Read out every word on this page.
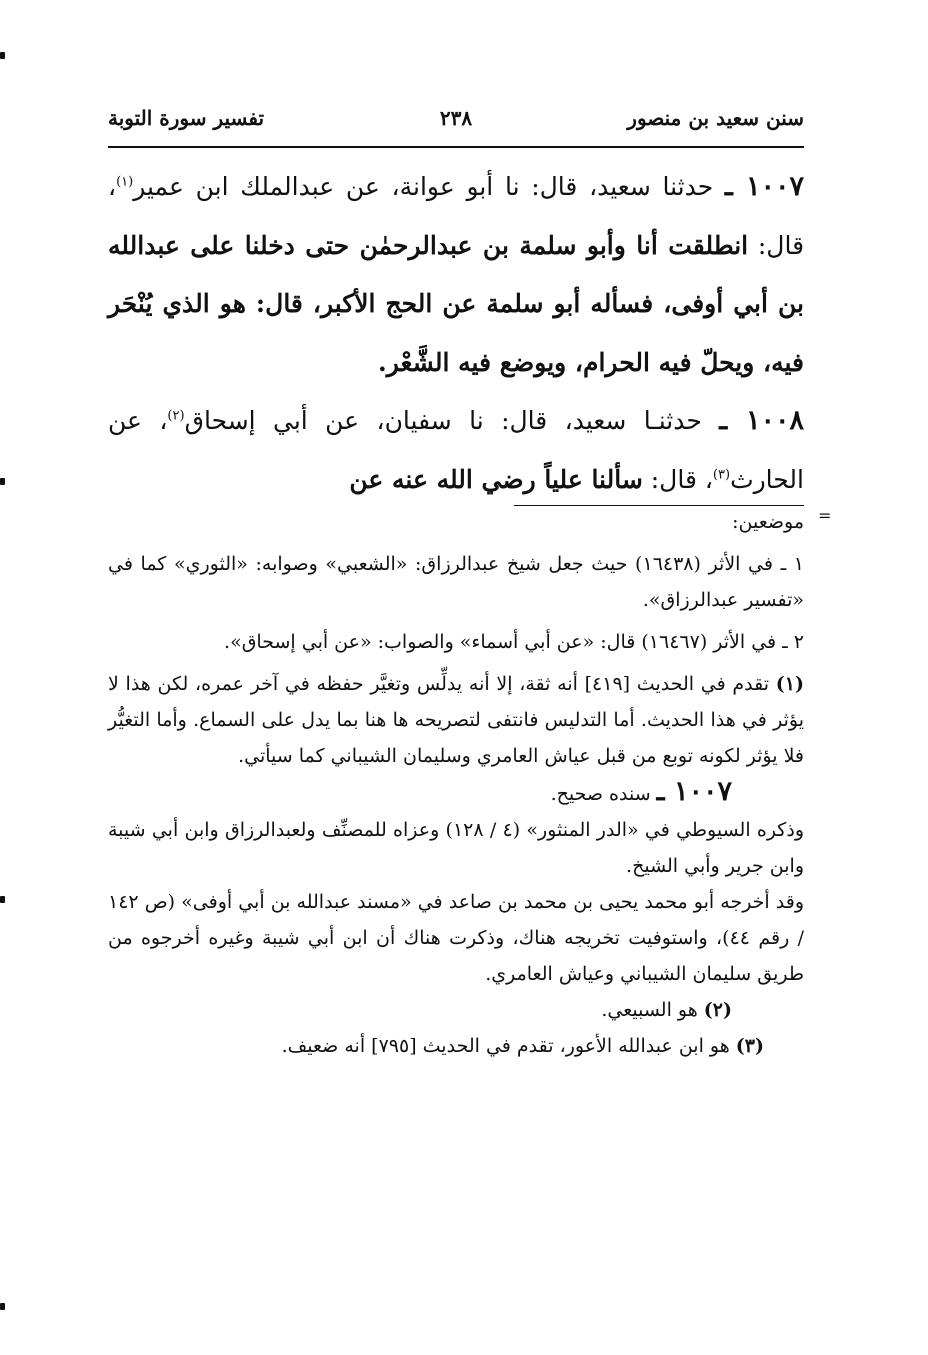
سنن سعيد بن منصور
٢٣٨
تفسير سورة التوبة

١٠٠٧ ـ حدثنا سعيد، قال: نا أبو عوانة، عن عبدالملك ابن عمير$^{(١)}$، قال: انطلقت أنا وأبو سلمة بن عبدالرحمٰن حتى دخلنا على عبدالله بن أبي أوفى، فسأله أبو سلمة عن الحج الأكبر، قال: هو الذي يُنْحَر فيه، ويحلّ فيه الحرام، ويوضع فيه الشَّعْر.

١٠٠٨ ـ حدثنـا سعيد، قال: نا سفيان، عن أبي إسحاق$^{(٢)}$، عن الحارث$^{(٣)}$، قال: سألنا علياً رضي الله عنه عن

=

موضعين:

١ ـ في الأثر (١٦٤٣٨) حيث جعل شيخ عبدالرزاق: «الشعبي» وصوابه: «الثوري» كما في «تفسير عبدالرزاق».

٢ ـ في الأثر (١٦٤٦٧) قال: «عن أبي أسماء» والصواب: «عن أبي إسحاق».

(١) تقدم في الحديث [٤١٩] أنه ثقة، إلا أنه يدلِّس وتغيَّر حفظه في آخر عمره، لكن هذا لا يؤثر في هذا الحديث. أما التدليس فانتفى لتصريحه ها هنا بما يدل على السماع. وأما التغيُّر فلا يؤثر لكونه توبع من قبل عياش العامري وسليمان الشيباني كما سيأتي.

١٠٠٧ ـ سنده صحيح.

وذكره السيوطي في «الدر المنثور» (٤ / ١٢٨) وعزاه للمصنِّف ولعبدالرزاق وابن أبي شيبة وابن جرير وأبي الشيخ.

وقد أخرجه أبو محمد يحيى بن محمد بن صاعد في «مسند عبدالله بن أبي أوفى» (ص ١٤٢ / رقم ٤٤)، واستوفيت تخريجه هناك، وذكرت هناك أن ابن أبي شيبة وغيره أخرجوه من طريق سليمان الشيباني وعياش العامري.

(٢) هو السبيعي.

(٣) هو ابن عبدالله الأعور، تقدم في الحديث [٧٩٥] أنه ضعيف.
